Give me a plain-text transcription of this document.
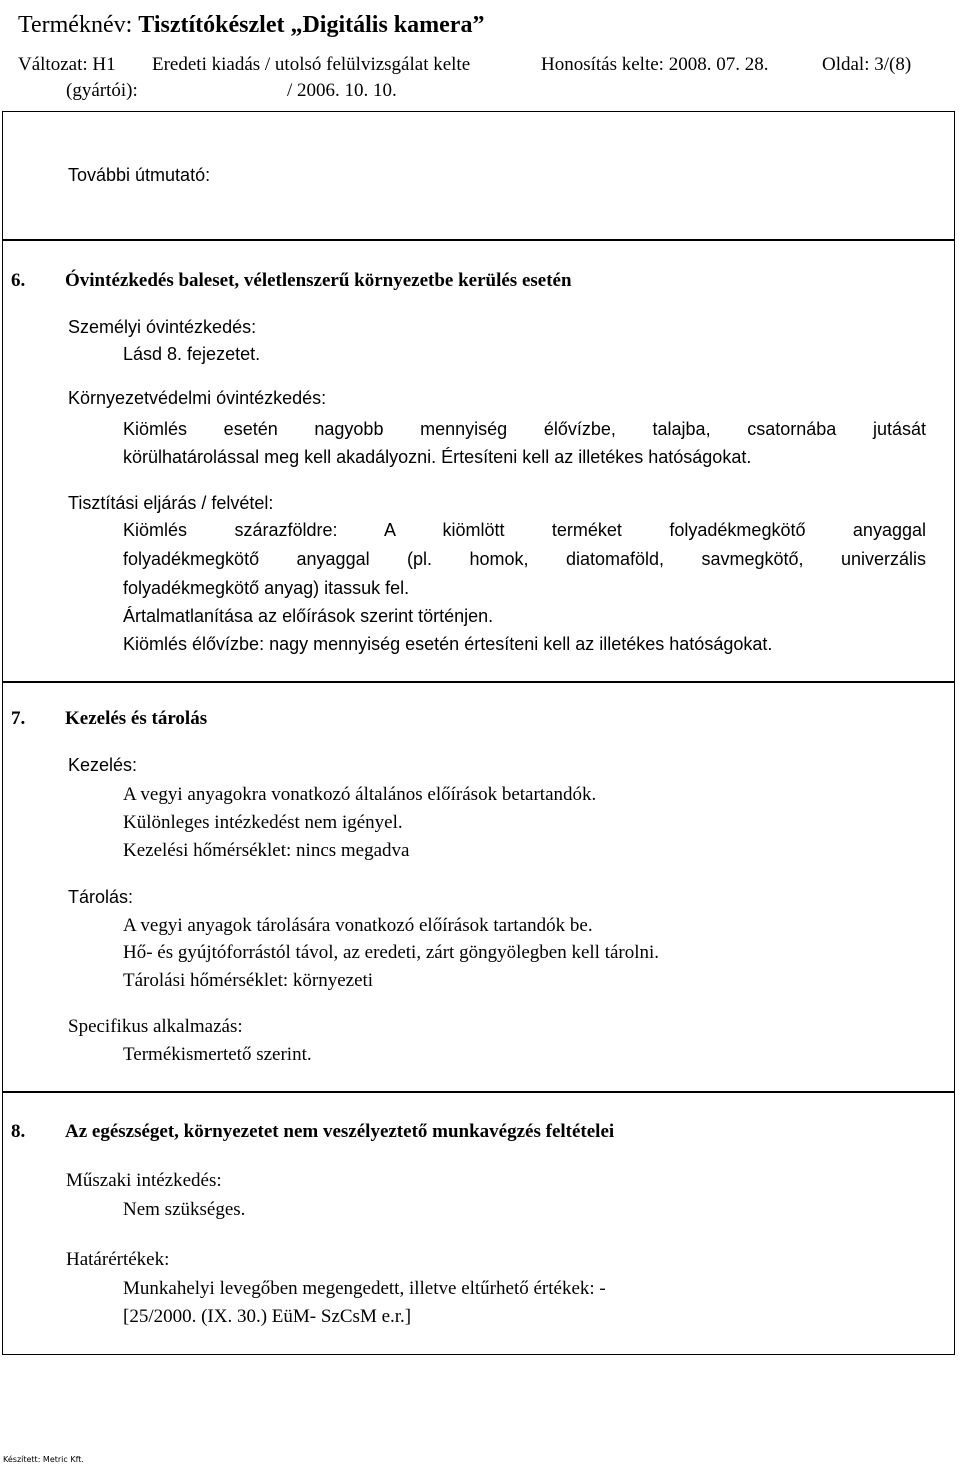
Terméknév: Tisztítókészlet „Digitális kamera”
Változat: H1 Eredeti kiadás / utolsó felülvizsgálat kelte	Honosítás kelte: 2008. 07. 28.	Oldal: 3/(8)
(gyártói):	/ 2006. 10. 10.
További útmutató:
6. Óvintézkedés baleset, véletlenszerű környezetbe kerülés esetén
Személyi óvintézkedés:
Lásd 8. fejezetet.
Környezetvédelmi óvintézkedés:
Kiömlés esetén nagyobb mennyiség élővízbe, talajba, csatornába jutását
körülhatárolással meg kell akadályozni. Értesíteni kell az illetékes hatóságokat.
Tisztítási eljárás / felvétel:
Kiömlés szárazföldre: A kiömlött terméket folyadékmegkötő anyaggal
folyadékmegkötő anyaggal (pl. homok, diatomaföld, savmegkötő, univerzális
folyadékmegkötő anyag) itassuk fel.
Ártalmatlanítása az előírások szerint történjen.
Kiömlés élővízbe: nagy mennyiség esetén értesíteni kell az illetékes hatóságokat.
7. Kezelés és tárolás
Kezelés:
A vegyi anyagokra vonatkozó általános előírások betartandók.
Különleges intézkedést nem igényel.
Kezelési hőmérséklet: nincs megadva
Tárolás:
A vegyi anyagok tárolására vonatkozó előírások tartandók be.
Hő- és gyújtóforrástól távol, az eredeti, zárt göngyölegben kell tárolni.
Tárolási hőmérséklet: környezeti
Specifikus alkalmazás:
Termékismertető szerint.
8. Az egészséget, környezetet nem veszélyeztető munkavégzés feltételei
Műszaki intézkedés:
Nem szükséges.
Határértékek:
Munkahelyi levegőben megengedett, illetve eltűrhető értékek: -
[25/2000. (IX. 30.) EüM- SzCsM e.r.]
Készített: Metric Kft.
